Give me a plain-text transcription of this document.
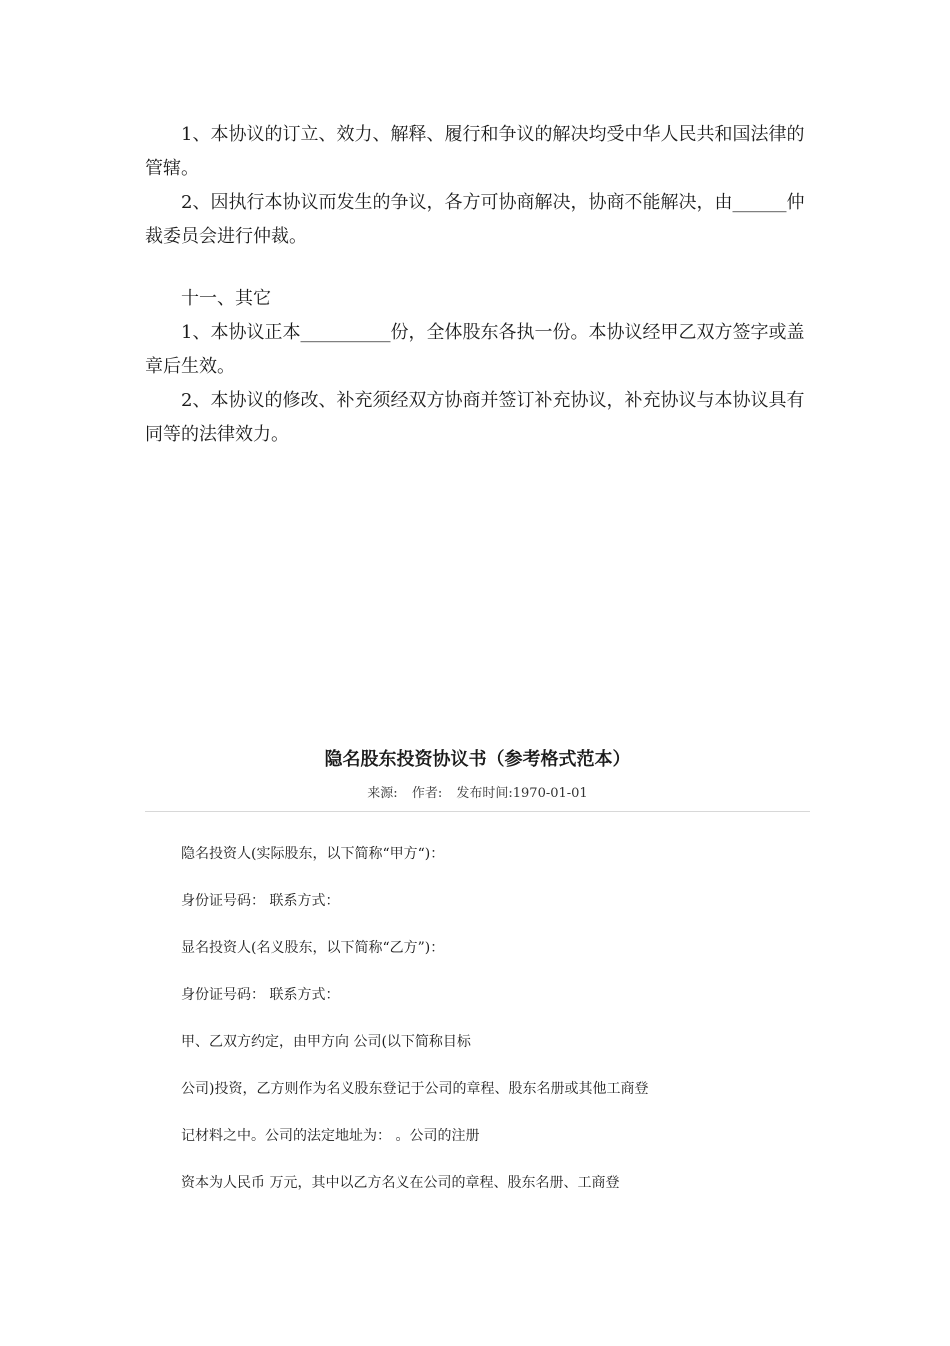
1、本协议的订立、效力、解释、履行和争议的解决均受中华人民共和国法律的管辖。

2、因执行本协议而发生的争议，各方可协商解决，协商不能解决，由______仲裁委员会进行仲裁。

十一、其它

1、本协议正本__________份，全体股东各执一份。本协议经甲乙双方签字或盖章后生效。

2、本协议的修改、补充须经双方协商并签订补充协议，补充协议与本协议具有同等的法律效力。

隐名股东投资协议书（参考格式范本）
来源: 作者: 发布时间:1970-01-01

隐名投资人(实际股东，以下简称“甲方“)：

身份证号码： 联系方式：

显名投资人(名义股东，以下简称“乙方”)：

身份证号码： 联系方式：

甲、乙双方约定，由甲方向 公司(以下简称目标

公司)投资，乙方则作为名义股东登记于公司的章程、股东名册或其他工商登

记材料之中。公司的法定地址为： 。公司的注册

资本为人民币 万元，其中以乙方名义在公司的章程、股东名册、工商登
